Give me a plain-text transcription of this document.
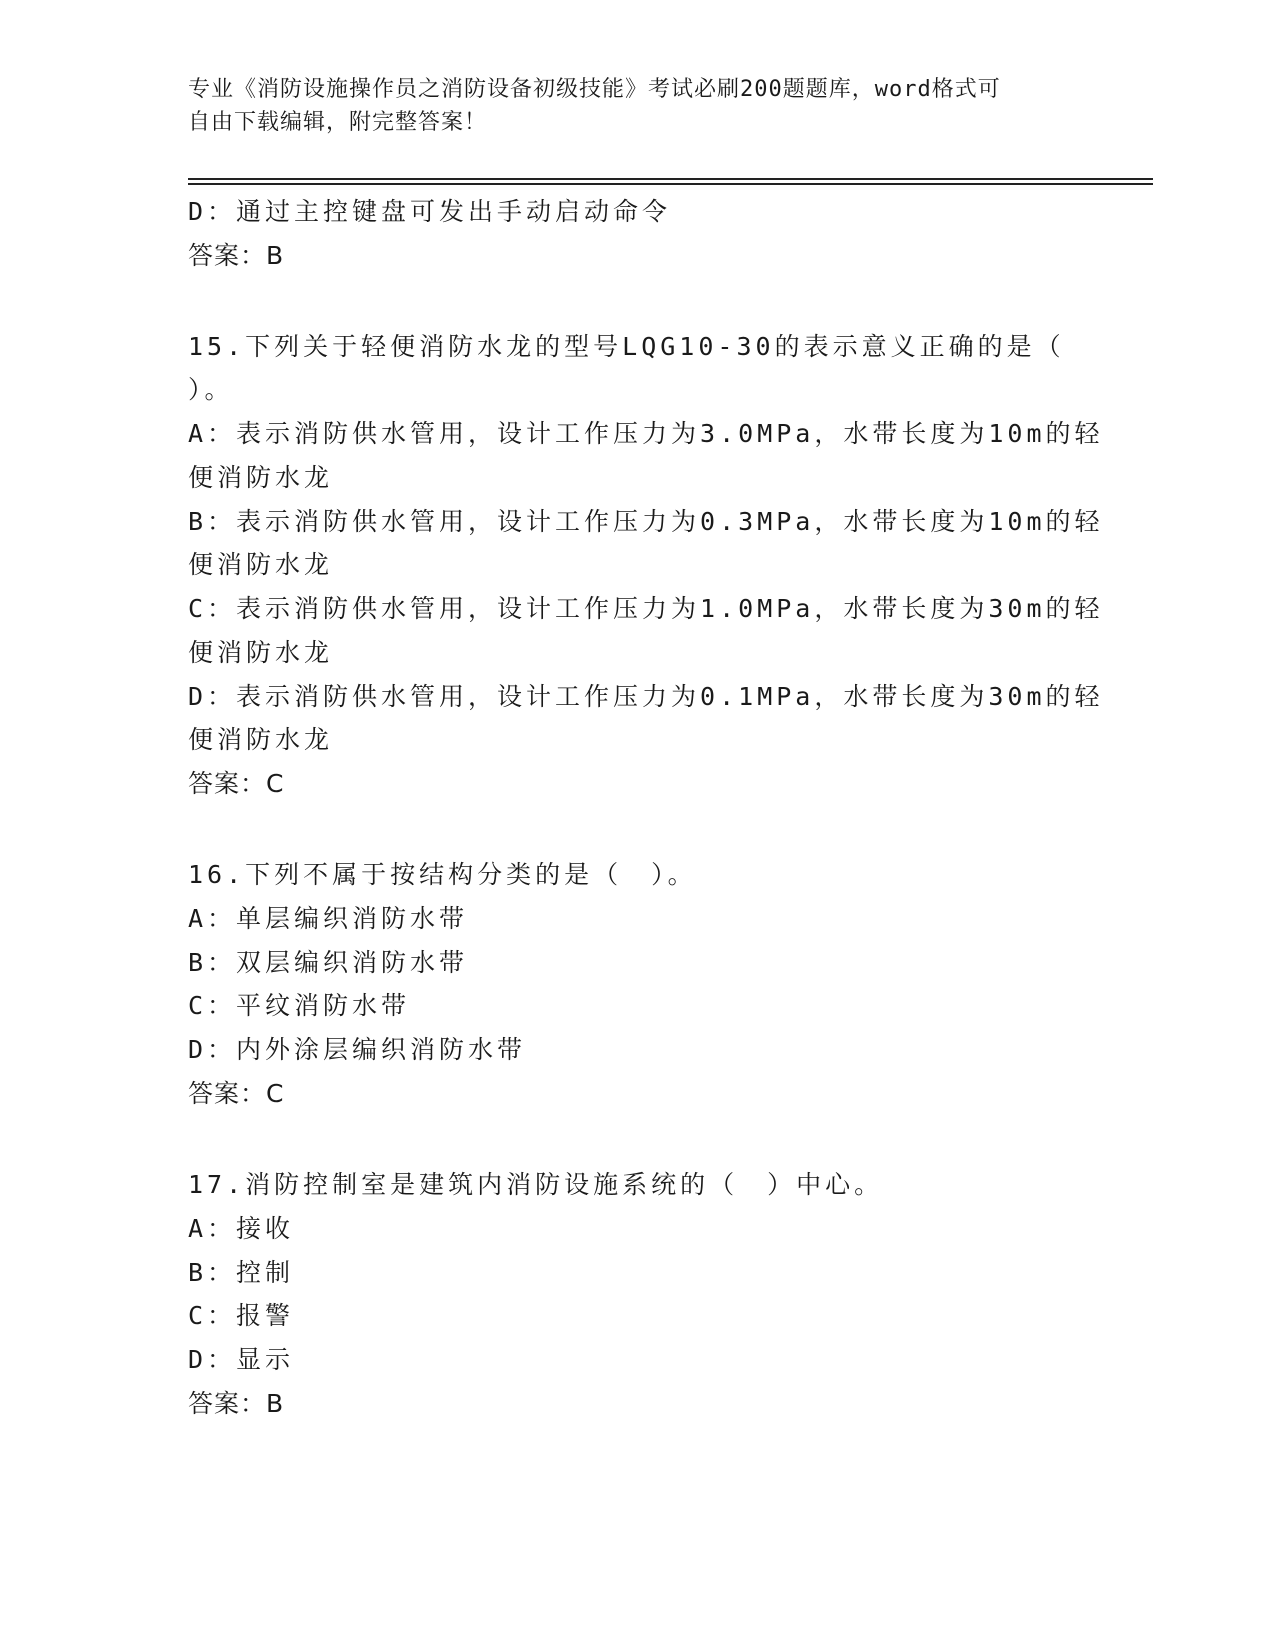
专业《消防设施操作员之消防设备初级技能》考试必刷200题题库，word格式可
自由下载编辑，附完整答案！
D：通过主控键盘可发出手动启动命令
答案：B
15.下列关于轻便消防水龙的型号LQG10-30的表示意义正确的是（
）。
A：表示消防供水管用，设计工作压力为3.0MPa，水带长度为10m的轻
便消防水龙
B：表示消防供水管用，设计工作压力为0.3MPa，水带长度为10m的轻
便消防水龙
C：表示消防供水管用，设计工作压力为1.0MPa，水带长度为30m的轻
便消防水龙
D：表示消防供水管用，设计工作压力为0.1MPa，水带长度为30m的轻
便消防水龙
答案：C
16.下列不属于按结构分类的是（　）。
A：单层编织消防水带
B：双层编织消防水带
C：平纹消防水带
D：内外涂层编织消防水带
答案：C
17.消防控制室是建筑内消防设施系统的（　）中心。
A：接收
B：控制
C：报警
D：显示
答案：B
